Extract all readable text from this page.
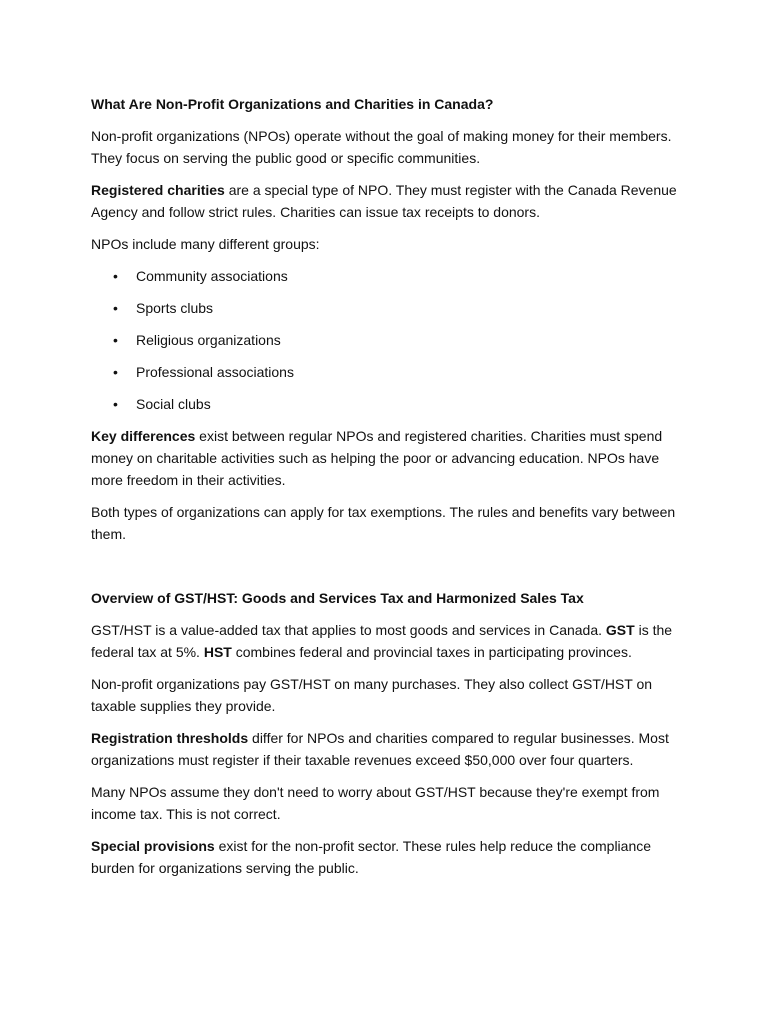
What Are Non-Profit Organizations and Charities in Canada?

Non-profit organizations (NPOs) operate without the goal of making money for their members. They focus on serving the public good or specific communities.

Registered charities are a special type of NPO. They must register with the Canada Revenue Agency and follow strict rules. Charities can issue tax receipts to donors.

NPOs include many different groups:

• Community associations
• Sports clubs
• Religious organizations
• Professional associations
• Social clubs

Key differences exist between regular NPOs and registered charities. Charities must spend money on charitable activities such as helping the poor or advancing education. NPOs have more freedom in their activities.

Both types of organizations can apply for tax exemptions. The rules and benefits vary between them.

Overview of GST/HST: Goods and Services Tax and Harmonized Sales Tax

GST/HST is a value-added tax that applies to most goods and services in Canada. GST is the federal tax at 5%. HST combines federal and provincial taxes in participating provinces.

Non-profit organizations pay GST/HST on many purchases. They also collect GST/HST on taxable supplies they provide.

Registration thresholds differ for NPOs and charities compared to regular businesses. Most organizations must register if their taxable revenues exceed $50,000 over four quarters.

Many NPOs assume they don't need to worry about GST/HST because they're exempt from income tax. This is not correct.

Special provisions exist for the non-profit sector. These rules help reduce the compliance burden for organizations serving the public.
